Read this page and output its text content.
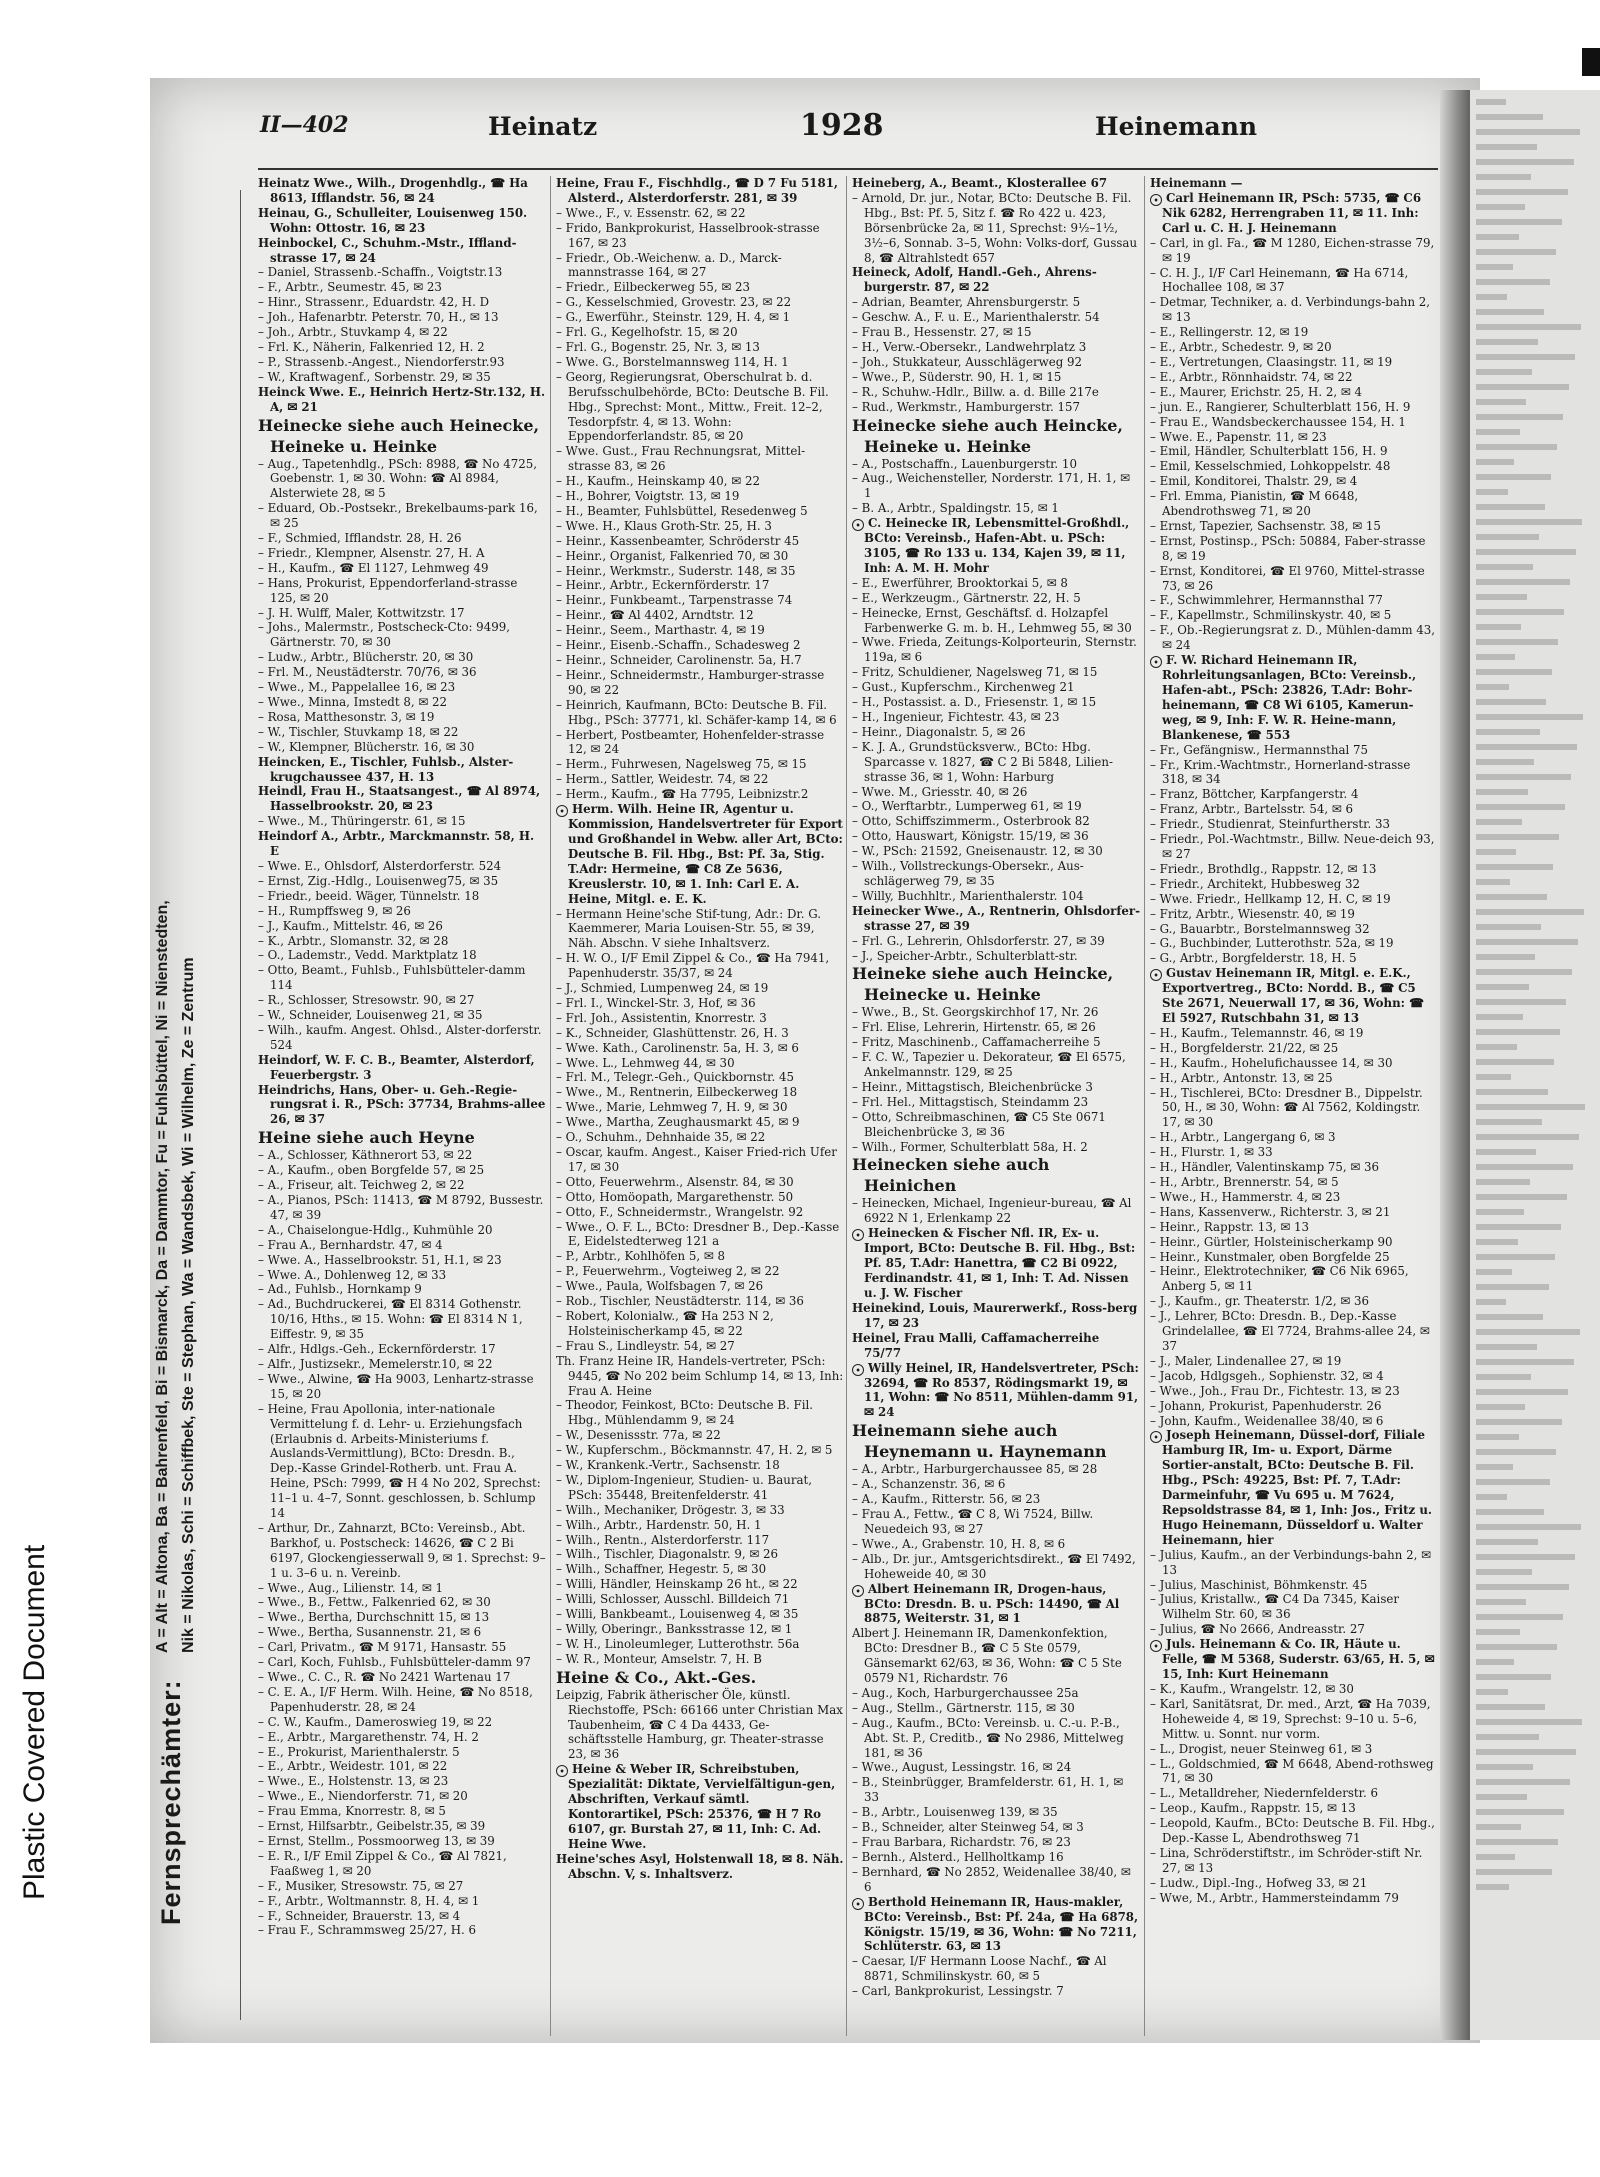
Plastic Covered Document	Fernsprechämter:
A = Alt = Altona, Ba = Bahrenfeld, Bi = Bismarck, Da = Dammtor, Fu = Fuhlsbüttel, Ni = Nienstedten, Nik = Nikolas, Schi = Schiffbek, Ste = Stephan, Wa = Wandsbek, Wi = Wilhelm, Ze = Zentrum
II—402	Heinatz	1928	Heinemann

Heinatz Wwe., Wilh., Drogenhdlg., ☎ Ha 8613, Ifflandstr. 56, ✉ 24

Heinau, G., Schulleiter, Louisenweg 150. Wohn: Ottostr. 16, ✉ 23

Heinbockel, C., Schuhm.-Mstr., Iffland-strasse 17, ✉ 24

– Daniel, Strassenb.-Schaffn., Voigtstr.13

– F., Arbtr., Seumestr. 45, ✉ 23

– Hinr., Strassenr., Eduardstr. 42, H. D

– Joh., Hafenarbtr. Peterstr. 70, H., ✉ 13

– Joh., Arbtr., Stuvkamp 4, ✉ 22

– Frl. K., Näherin, Falkenried 12, H. 2

– P., Strassenb.-Angest., Niendorferstr.93

– W., Kraftwagenf., Sorbenstr. 29, ✉ 35

Heinck Wwe. E., Heinrich Hertz-Str.132, H. A, ✉ 21

Heinecke siehe auch Heinecke, Heineke u. Heinke

– Aug., Tapetenhdlg., PSch: 8988, ☎ No 4725, Goebenstr. 1, ✉ 30. Wohn: ☎ Al 8984, Alsterwiete 28, ✉ 5

– Eduard, Ob.-Postsekr., Brekelbaums-park 16, ✉ 25

– F., Schmied, Ifflandstr. 28, H. 26

– Friedr., Klempner, Alsenstr. 27, H. A

– H., Kaufm., ☎ El 1127, Lehmweg 49

– Hans, Prokurist, Eppendorferland-strasse 125, ✉ 20

– J. H. Wulff, Maler, Kottwitzstr. 17

– Johs., Malermstr., Postscheck-Cto: 9499, Gärtnerstr. 70, ✉ 30

– Ludw., Arbtr., Blücherstr. 20, ✉ 30

– Frl. M., Neustädterstr. 70/76, ✉ 36

– Wwe., M., Pappelallee 16, ✉ 23

– Wwe., Minna, Imstedt 8, ✉ 22

– Rosa, Matthesonstr. 3, ✉ 19

– W., Tischler, Stuvkamp 18, ✉ 22

– W., Klempner, Blücherstr. 16, ✉ 30

Heincken, E., Tischler, Fuhlsb., Alster-krugchaussee 437, H. 13

Heindl, Frau H., Staatsangest., ☎ Al 8974, Hasselbrookstr. 20, ✉ 23

– Wwe., M., Thüringerstr. 61, ✉ 15

Heindorf A., Arbtr., Marckmannstr. 58, H. E

– Wwe. E., Ohlsdorf, Alsterdorferstr. 524

– Ernst, Zig.-Hdlg., Louisenweg75, ✉ 35

– Friedr., beeid. Wäger, Tünnelstr. 18

– H., Rumpffsweg 9, ✉ 26

– J., Kaufm., Mittelstr. 46, ✉ 26

– K., Arbtr., Slomanstr. 32, ✉ 28

– O., Lademstr., Vedd. Marktplatz 18

– Otto, Beamt., Fuhlsb., Fuhlsbütteler-damm 114

– R., Schlosser, Stresowstr. 90, ✉ 27

– W., Schneider, Louisenweg 21, ✉ 35

– Wilh., kaufm. Angest. Ohlsd., Alster-dorferstr. 524

Heindorf, W. F. C. B., Beamter, Alsterdorf, Feuerbergstr. 3

Heindrichs, Hans, Ober- u. Geh.-Regie-rungsrat i. R., PSch: 37734, Brahms-allee 26, ✉ 37

Heine siehe auch Heyne

– A., Schlosser, Käthnerort 53, ✉ 22

– A., Kaufm., oben Borgfelde 57, ✉ 25

– A., Friseur, alt. Teichweg 2, ✉ 22

– A., Pianos, PSch: 11413, ☎ M 8792, Bussestr. 47, ✉ 39

– A., Chaiselongue-Hdlg., Kuhmühle 20

– Frau A., Bernhardstr. 47, ✉ 4

– Wwe. A., Hasselbrookstr. 51, H.1, ✉ 23

– Wwe. A., Dohlenweg 12, ✉ 33

– Ad., Fuhlsb., Hornkamp 9

– Ad., Buchdruckerei, ☎ El 8314 Gothenstr. 10/16, Hths., ✉ 15. Wohn: ☎ El 8314 N 1, Eiffestr. 9, ✉ 35

– Alfr., Hdlgs.-Geh., Eckernförderstr. 17

– Alfr., Justizsekr., Memelerstr.10, ✉ 22

– Wwe., Alwine, ☎ Ha 9003, Lenhartz-strasse 15, ✉ 20

– Heine, Frau Apollonia, inter-nationale Vermittelung f. d. Lehr- u. Erziehungsfach (Erlaubnis d. Arbeits-Ministeriums f. Auslands-Vermittlung), BCto: Dresdn. B., Dep.-Kasse Grindel-Rotherb. unt. Frau A. Heine, PSch: 7999, ☎ H 4 No 202, Sprechst: 11–1 u. 4–7, Sonnt. geschlossen, b. Schlump 14

– Arthur, Dr., Zahnarzt, BCto: Vereinsb., Abt. Barkhof, u. Postscheck: 14626, ☎ C 2 Bi 6197, Glockengiesserwall 9, ✉ 1. Sprechst: 9–1 u. 3–6 u. n. Vereinb.

– Wwe., Aug., Lilienstr. 14, ✉ 1

– Wwe., B., Fettw., Falkenried 62, ✉ 30

– Wwe., Bertha, Durchschnitt 15, ✉ 13

– Wwe., Bertha, Susannenstr. 21, ✉ 6

– Carl, Privatm., ☎ M 9171, Hansastr. 55

– Carl, Koch, Fuhlsb., Fuhlsbütteler-damm 97

– Wwe., C. C., R. ☎ No 2421 Wartenau 17

– C. E. A., I/F Herm. Wilh. Heine, ☎ No 8518, Papenhuderstr. 28, ✉ 24

– C. W., Kaufm., Dameroswieg 19, ✉ 22

– E., Arbtr., Margarethenstr. 74, H. 2

– E., Prokurist, Marienthalerstr. 5

– E., Arbtr., Weidestr. 101, ✉ 22

– Wwe., E., Holstenstr. 13, ✉ 23

– Wwe., E., Niendorferstr. 71, ✉ 20

– Frau Emma, Knorrestr. 8, ✉ 5

– Ernst, Hilfsarbtr., Geibelstr.35, ✉ 39

– Ernst, Stellm., Possmoorweg 13, ✉ 39

– E. R., I/F Emil Zippel & Co., ☎ Al 7821, Faaßweg 1, ✉ 20

– F., Musiker, Stresowstr. 75, ✉ 27

– F., Arbtr., Woltmannstr. 8, H. 4, ✉ 1

– F., Schneider, Brauerstr. 13, ✉ 4

– Frau F., Schrammsweg 25/27, H. 6

Heine, Frau F., Fischhdlg., ☎ D 7 Fu 5181, Alsterd., Alsterdorferstr. 281, ✉ 39

– Wwe., F., v. Essenstr. 62, ✉ 22

– Frido, Bankprokurist, Hasselbrook-strasse 167, ✉ 23

– Friedr., Ob.-Weichenw. a. D., Marck-mannstrasse 164, ✉ 27

– Friedr., Eilbeckerweg 55, ✉ 23

– G., Kesselschmied, Grovestr. 23, ✉ 22

– G., Ewerführ., Steinstr. 129, H. 4, ✉ 1

– Frl. G., Kegelhofstr. 15, ✉ 20

– Frl. G., Bogenstr. 25, Nr. 3, ✉ 13

– Wwe. G., Borstelmannsweg 114, H. 1

– Georg, Regierungsrat, Oberschulrat b. d. Berufsschulbehörde, BCto: Deutsche B. Fil. Hbg., Sprechst: Mont., Mittw., Freit. 12–2, Tesdorpfstr. 4, ✉ 13. Wohn: Eppendorferlandstr. 85, ✉ 20

– Wwe. Gust., Frau Rechnungsrat, Mittel-strasse 83, ✉ 26

– H., Kaufm., Heinskamp 40, ✉ 22

– H., Bohrer, Voigtstr. 13, ✉ 19

– H., Beamter, Fuhlsbüttel, Resedenweg 5

– Wwe. H., Klaus Groth-Str. 25, H. 3

– Heinr., Kassenbeamter, Schröderstr 45

– Heinr., Organist, Falkenried 70, ✉ 30

– Heinr., Werkmstr., Suderstr. 148, ✉ 35

– Heinr., Arbtr., Eckernförderstr. 17

– Heinr., Funkbeamt., Tarpenstrasse 74

– Heinr., ☎ Al 4402, Arndtstr. 12

– Heinr., Seem., Marthastr. 4, ✉ 19

– Heinr., Eisenb.-Schaffn., Schadesweg 2

– Heinr., Schneider, Carolinenstr. 5a, H.7

– Heinr., Schneidermstr., Hamburger-strasse 90, ✉ 22

– Heinrich, Kaufmann, BCto: Deutsche B. Fil. Hbg., PSch: 37771, kl. Schäfer-kamp 14, ✉ 6

– Herbert, Postbeamter, Hohenfelder-strasse 12, ✉ 24

– Herm., Fuhrwesen, Nagelsweg 75, ✉ 15

– Herm., Sattler, Weidestr. 74, ✉ 22

– Herm., Kaufm., ☎ Ha 7795, Leibnizstr.2

• Herm. Wilh. Heine IR, Agentur u. Kommission, Handelsvertreter für Export und Großhandel in Webw. aller Art, BCto: Deutsche B. Fil. Hbg., Bst: Pf. 3a, Stig. T.Adr: Hermeine, ☎ C8 Ze 5636, Kreuslerstr. 10, ✉ 1. Inh: Carl E. A. Heine, Mitgl. e. E. K.

– Hermann Heine'sche Stif-tung, Adr.: Dr. G. Kaemmerer, Maria Louisen-Str. 55, ✉ 39, Näh. Abschn. V siehe Inhaltsverz.

– H. W. O., I/F Emil Zippel & Co., ☎ Ha 7941, Papenhuderstr. 35/37, ✉ 24

– J., Schmied, Lumpenweg 24, ✉ 19

– Frl. I., Winckel-Str. 3, Hof, ✉ 36

– Frl. Joh., Assistentin, Knorrestr. 3

– K., Schneider, Glashüttenstr. 26, H. 3

– Wwe. Kath., Carolinenstr. 5a, H. 3, ✉ 6

– Wwe. L., Lehmweg 44, ✉ 30

– Frl. M., Telegr.-Geh., Quickbornstr. 45

– Wwe., M., Rentnerin, Eilbeckerweg 18

– Wwe., Marie, Lehmweg 7, H. 9, ✉ 30

– Wwe., Martha, Zeughausmarkt 45, ✉ 9

– O., Schuhm., Dehnhaide 35, ✉ 22

– Oscar, kaufm. Angest., Kaiser Fried-rich Ufer 17, ✉ 30

– Otto, Feuerwehrm., Alsenstr. 84, ✉ 30

– Otto, Homöopath, Margarethenstr. 50

– Otto, F., Schneidermstr., Wrangelstr. 92

– Wwe., O. F. L., BCto: Dresdner B., Dep.-Kasse E, Eidelstedterweg 121 a

– P., Arbtr., Kohlhöfen 5, ✉ 8

– P., Feuerwehrm., Vogteiweg 2, ✉ 22

– Wwe., Paula, Wolfsbagen 7, ✉ 26

– Rob., Tischler, Neustädterstr. 114, ✉ 36

– Robert, Kolonialw., ☎ Ha 253 N 2, Holsteinischerkamp 45, ✉ 22

– Frau S., Lindleystr. 54, ✉ 27

Th. Franz Heine IR, Handels-vertreter, PSch: 9445, ☎ No 202 beim Schlump 14, ✉ 13, Inh: Frau A. Heine

– Theodor, Feinkost, BCto: Deutsche B. Fil. Hbg., Mühlendamm 9, ✉ 24

– W., Desenissstr. 77a, ✉ 22

– W., Kupferschm., Böckmannstr. 47, H. 2, ✉ 5

– W., Krankenk.-Vertr., Sachsenstr. 18

– W., Diplom-Ingenieur, Studien- u. Baurat, PSch: 35448, Breitenfelderstr. 41

– Wilh., Mechaniker, Drögestr. 3, ✉ 33

– Wilh., Arbtr., Hardenstr. 50, H. 1

– Wilh., Rentn., Alsterdorferstr. 117

– Wilh., Tischler, Diagonalstr. 9, ✉ 26

– Wilh., Schaffner, Hegestr. 5, ✉ 30

– Willi, Händler, Heinskamp 26 ht., ✉ 22

– Willi, Schlosser, Ausschl. Billdeich 71

– Willi, Bankbeamt., Louisenweg 4, ✉ 35

– Willy, Oberingr., Banksstrasse 12, ✉ 1

– W. H., Linoleumleger, Lutterothstr. 56a

– W. R., Monteur, Amselstr. 7, H. B

Heine & Co., Akt.-Ges.

Leipzig, Fabrik ätherischer Öle, künstl. Riechstoffe, PSch: 66166 unter Christian Max Taubenheim, ☎ C 4 Da 4433, Ge-schäftsstelle Hamburg, gr. Theater-strasse 23, ✉ 36

• Heine & Weber IR, Schreibstuben, Spezialität: Diktate, Vervielfältigun-gen, Abschriften, Verkauf sämtl. Kontorartikel, PSch: 25376, ☎ H 7 Ro 6107, gr. Burstah 27, ✉ 11, Inh: C. Ad. Heine Wwe.

Heine'sches Asyl, Holstenwall 18, ✉ 8. Näh. Abschn. V, s. Inhaltsverz.

Heineberg, A., Beamt., Klosterallee 67

– Arnold, Dr. jur., Notar, BCto: Deutsche B. Fil. Hbg., Bst: Pf. 5, Sitz f. ☎ Ro 422 u. 423, Börsenbrücke 2a, ✉ 11, Sprechst: 9½–1½, 3½–6, Sonnab. 3–5, Wohn: Volks-dorf, Gussau 8, ☎ Altrahlstedt 657

Heineck, Adolf, Handl.-Geh., Ahrens-burgerstr. 87, ✉ 22

– Adrian, Beamter, Ahrensburgerstr. 5

– Geschw. A., F. u. E., Marienthalerstr. 54

– Frau B., Hessenstr. 27, ✉ 15

– H., Verw.-Obersekr., Landwehrplatz 3

– Joh., Stukkateur, Ausschlägerweg 92

– Wwe., P., Süderstr. 90, H. 1, ✉ 15

– R., Schuhw.-Hdlr., Billw. a. d. Bille 217e

– Rud., Werkmstr., Hamburgerstr. 157

Heinecke siehe auch Heincke, Heineke u. Heinke

– A., Postschaffn., Lauenburgerstr. 10

– Aug., Weichensteller, Norderstr. 171, H. 1, ✉ 1

– B. A., Arbtr., Spaldingstr. 15, ✉ 1

• C. Heinecke IR, Lebensmittel-Großhdl., BCto: Vereinsb., Hafen-Abt. u. PSch: 3105, ☎ Ro 133 u. 134, Kajen 39, ✉ 11, Inh: A. M. H. Mohr

– E., Ewerführer, Brooktorkai 5, ✉ 8

– E., Werkzeugm., Gärtnerstr. 22, H. 5

– Heinecke, Ernst, Geschäftsf. d. Holzapfel Farbenwerke G. m. b. H., Lehmweg 55, ✉ 30

– Wwe. Frieda, Zeitungs-Kolporteurin, Sternstr. 119a, ✉ 6

– Fritz, Schuldiener, Nagelsweg 71, ✉ 15

– Gust., Kupferschm., Kirchenweg 21

– H., Postassist. a. D., Friesenstr. 1, ✉ 15

– H., Ingenieur, Fichtestr. 43, ✉ 23

– Heinr., Diagonalstr. 5, ✉ 26

– K. J. A., Grundstücksverw., BCto: Hbg. Sparcasse v. 1827, ☎ C 2 Bi 5848, Lilien-strasse 36, ✉ 1, Wohn: Harburg

– Wwe. M., Griesstr. 40, ✉ 26

– O., Werftarbtr., Lumperweg 61, ✉ 19

– Otto, Schiffszimmerm., Osterbrook 82

– Otto, Hauswart, Königstr. 15/19, ✉ 36

– W., PSch: 21592, Gneisenaustr. 12, ✉ 30

– Wilh., Vollstreckungs-Obersekr., Aus-schlägerweg 79, ✉ 35

– Willy, Buchhltr., Marienthalerstr. 104

Heinecker Wwe., A., Rentnerin, Ohlsdorfer-strasse 27, ✉ 39

– Frl. G., Lehrerin, Ohlsdorferstr. 27, ✉ 39

– J., Speicher-Arbtr., Schulterblatt-str.

Heineke siehe auch Heincke, Heinecke u. Heinke

– Wwe., B., St. Georgskirchhof 17, Nr. 26

– Frl. Elise, Lehrerin, Hirtenstr. 65, ✉ 26

– Fritz, Maschinenb., Caffamacherreihe 5

– F. C. W., Tapezier u. Dekorateur, ☎ El 6575, Ankelmannstr. 129, ✉ 25

– Heinr., Mittagstisch, Bleichenbrücke 3

– Frl. Hel., Mittagstisch, Steindamm 23

– Otto, Schreibmaschinen, ☎ C5 Ste 0671 Bleichenbrücke 3, ✉ 36

– Wilh., Former, Schulterblatt 58a, H. 2

Heinecken siehe auch Heinichen

– Heinecken, Michael, Ingenieur-bureau, ☎ Al 6922 N 1, Erlenkamp 22

• Heinecken & Fischer Nfl. IR, Ex- u. Import, BCto: Deutsche B. Fil. Hbg., Bst: Pf. 85, T.Adr: Hanettra, ☎ C2 Bi 0922, Ferdinandstr. 41, ✉ 1, Inh: T. Ad. Nissen u. J. W. Fischer

Heinekind, Louis, Maurerwerkf., Ross-berg 17, ✉ 23

Heinel, Frau Malli, Caffamacherreihe 75/77

• Willy Heinel, IR, Handelsvertreter, PSch: 32694, ☎ Ro 8537, Rödingsmarkt 19, ✉ 11, Wohn: ☎ No 8511, Mühlen-damm 91, ✉ 24

Heinemann siehe auch Heynemann u. Haynemann

– A., Arbtr., Harburgerchaussee 85, ✉ 28

– A., Schanzenstr. 36, ✉ 6

– A., Kaufm., Ritterstr. 56, ✉ 23

– Frau A., Fettw., ☎ C 8, Wi 7524, Billw. Neuedeich 93, ✉ 27

– Wwe., A., Grabenstr. 10, H. 8, ✉ 6

– Alb., Dr. jur., Amtsgerichtsdirekt., ☎ El 7492, Hoheweide 40, ✉ 30

• Albert Heinemann IR, Drogen-haus, BCto: Dresdn. B. u. PSch: 14490, ☎ Al 8875, Weiterstr. 31, ✉ 1

Albert J. Heinemann IR, Damenkonfektion, BCto: Dresdner B., ☎ C 5 Ste 0579, Gänsemarkt 62/63, ✉ 36, Wohn: ☎ C 5 Ste 0579 N1, Richardstr. 76

– Aug., Koch, Harburgerchaussee 25a

– Aug., Stellm., Gärtnerstr. 115, ✉ 30

– Aug., Kaufm., BCto: Vereinsb. u. C.-u. P.-B., Abt. St. P., Creditb., ☎ No 2986, Mittelweg 181, ✉ 36

– Wwe., August, Lessingstr. 16, ✉ 24

– B., Steinbrügger, Bramfelderstr. 61, H. 1, ✉ 33

– B., Arbtr., Louisenweg 139, ✉ 35

– B., Schneider, alter Steinweg 54, ✉ 3

– Frau Barbara, Richardstr. 76, ✉ 23

– Bernh., Alsterd., Hellholtkamp 16

– Bernhard, ☎ No 2852, Weidenallee 38/40, ✉ 6

• Berthold Heinemann IR, Haus-makler, BCto: Vereinsb., Bst: Pf. 24a, ☎ Ha 6878, Königstr. 15/19, ✉ 36, Wohn: ☎ No 7211, Schlüterstr. 63, ✉ 13

– Caesar, I/F Hermann Loose Nachf., ☎ Al 8871, Schmilinskystr. 60, ✉ 5

– Carl, Bankprokurist, Lessingstr. 7

Heinemann —

• Carl Heinemann IR, PSch: 5735, ☎ C6 Nik 6282, Herrengraben 11, ✉ 11. Inh: Carl u. C. H. J. Heinemann

– Carl, in gl. Fa., ☎ M 1280, Eichen-strasse 79, ✉ 19

– C. H. J., I/F Carl Heinemann, ☎ Ha 6714, Hochallee 108, ✉ 37

– Detmar, Techniker, a. d. Verbindungs-bahn 2, ✉ 13

– E., Rellingerstr. 12, ✉ 19

– E., Arbtr., Schedestr. 9, ✉ 20

– E., Vertretungen, Claasingstr. 11, ✉ 19

– E., Arbtr., Rönnhaidstr. 74, ✉ 22

– E., Maurer, Erichstr. 25, H. 2, ✉ 4

– jun. E., Rangierer, Schulterblatt 156, H. 9

– Frau E., Wandsbeckerchaussee 154, H. 1

– Wwe. E., Papenstr. 11, ✉ 23

– Emil, Händler, Schulterblatt 156, H. 9

– Emil, Kesselschmied, Lohkoppelstr. 48

– Emil, Konditorei, Thalstr. 29, ✉ 4

– Frl. Emma, Pianistin, ☎ M 6648, Abendrothsweg 71, ✉ 20

– Ernst, Tapezier, Sachsenstr. 38, ✉ 15

– Ernst, Postinsp., PSch: 50884, Faber-strasse 8, ✉ 19

– Ernst, Konditorei, ☎ El 9760, Mittel-strasse 73, ✉ 26

– F., Schwimmlehrer, Hermannsthal 77

– F., Kapellmstr., Schmilinskystr. 40, ✉ 5

– F., Ob.-Regierungsrat z. D., Mühlen-damm 43, ✉ 24

• F. W. Richard Heinemann IR, Rohrleitungsanlagen, BCto: Vereinsb., Hafen-abt., PSch: 23826, T.Adr: Bohr-heinemann, ☎ C8 Wi 6105, Kamerun-weg, ✉ 9, Inh: F. W. R. Heine-mann, Blankenese, ☎ 553

– Fr., Gefängnisw., Hermannsthal 75

– Fr., Krim.-Wachtmstr., Hornerland-strasse 318, ✉ 34

– Franz, Böttcher, Karpfangerstr. 4

– Franz, Arbtr., Bartelsstr. 54, ✉ 6

– Friedr., Studienrat, Steinfurtherstr. 33

– Friedr., Pol.-Wachtmstr., Billw. Neue-deich 93, ✉ 27

– Friedr., Brothdlg., Rappstr. 12, ✉ 13

– Friedr., Architekt, Hubbesweg 32

– Wwe. Friedr., Hellkamp 12, H. C, ✉ 19

– Fritz, Arbtr., Wiesenstr. 40, ✉ 19

– G., Bauarbtr., Borstelmannsweg 32

– G., Buchbinder, Lutterothstr. 52a, ✉ 19

– G., Arbtr., Borgfelderstr. 18, H. 5

• Gustav Heinemann IR, Mitgl. e. E.K., Exportvertreg., BCto: Nordd. B., ☎ C5 Ste 2671, Neuerwall 17, ✉ 36, Wohn: ☎ El 5927, Rutschbahn 31, ✉ 13

– H., Kaufm., Telemannstr. 46, ✉ 19

– H., Borgfelderstr. 21/22, ✉ 25

– H., Kaufm., Hohelufichaussee 14, ✉ 30

– H., Arbtr., Antonstr. 13, ✉ 25

– H., Tischlerei, BCto: Dresdner B., Dippelstr. 50, H., ✉ 30, Wohn: ☎ Al 7562, Koldingstr. 17, ✉ 30

– H., Arbtr., Langergang 6, ✉ 3

– H., Flurstr. 1, ✉ 33

– H., Händler, Valentinskamp 75, ✉ 36

– H., Arbtr., Brennerstr. 54, ✉ 5

– Wwe., H., Hammerstr. 4, ✉ 23

– Hans, Kassenverw., Richterstr. 3, ✉ 21

– Heinr., Rappstr. 13, ✉ 13

– Heinr., Gürtler, Holsteinischerkamp 90

– Heinr., Kunstmaler, oben Borgfelde 25

– Heinr., Elektrotechniker, ☎ C6 Nik 6965, Anberg 5, ✉ 11

– J., Kaufm., gr. Theaterstr. 1/2, ✉ 36

– J., Lehrer, BCto: Dresdn. B., Dep.-Kasse Grindelallee, ☎ El 7724, Brahms-allee 24, ✉ 37

– J., Maler, Lindenallee 27, ✉ 19

– Jacob, Hdlgsgeh., Sophienstr. 32, ✉ 4

– Wwe., Joh., Frau Dr., Fichtestr. 13, ✉ 23

– Johann, Prokurist, Papenhuderstr. 26

– John, Kaufm., Weidenallee 38/40, ✉ 6

• Joseph Heinemann, Düssel-dorf, Filiale Hamburg IR, Im- u. Export, Därme Sortier-anstalt, BCto: Deutsche B. Fil. Hbg., PSch: 49225, Bst: Pf. 7, T.Adr: Darmeinfuhr, ☎ Vu 695 u. M 7624, Repsoldstrasse 84, ✉ 1, Inh: Jos., Fritz u. Hugo Heinemann, Düsseldorf u. Walter Heinemann, hier

– Julius, Kaufm., an der Verbindungs-bahn 2, ✉ 13

– Julius, Maschinist, Böhmkenstr. 45

– Julius, Kristallw., ☎ C4 Da 7345, Kaiser Wilhelm Str. 60, ✉ 36

– Julius, ☎ No 2666, Andreasstr. 27

• Juls. Heinemann & Co. IR, Häute u. Felle, ☎ M 5368, Suderstr. 63/65, H. 5, ✉ 15, Inh: Kurt Heinemann

– K., Kaufm., Wrangelstr. 12, ✉ 30

– Karl, Sanitätsrat, Dr. med., Arzt, ☎ Ha 7039, Hoheweide 4, ✉ 19, Sprechst: 9–10 u. 5–6, Mittw. u. Sonnt. nur vorm.

– L., Drogist, neuer Steinweg 61, ✉ 3

– L., Goldschmied, ☎ M 6648, Abend-rothsweg 71, ✉ 30

– L., Metalldreher, Niedernfelderstr. 6

– Leop., Kaufm., Rappstr. 15, ✉ 13

– Leopold, Kaufm., BCto: Deutsche B. Fil. Hbg., Dep.-Kasse L, Abendrothsweg 71

– Lina, Schröderstiftstr., im Schröder-stift Nr. 27, ✉ 13

– Ludw., Dipl.-Ing., Hofweg 33, ✉ 21

– Wwe, M., Arbtr., Hammersteindamm 79
